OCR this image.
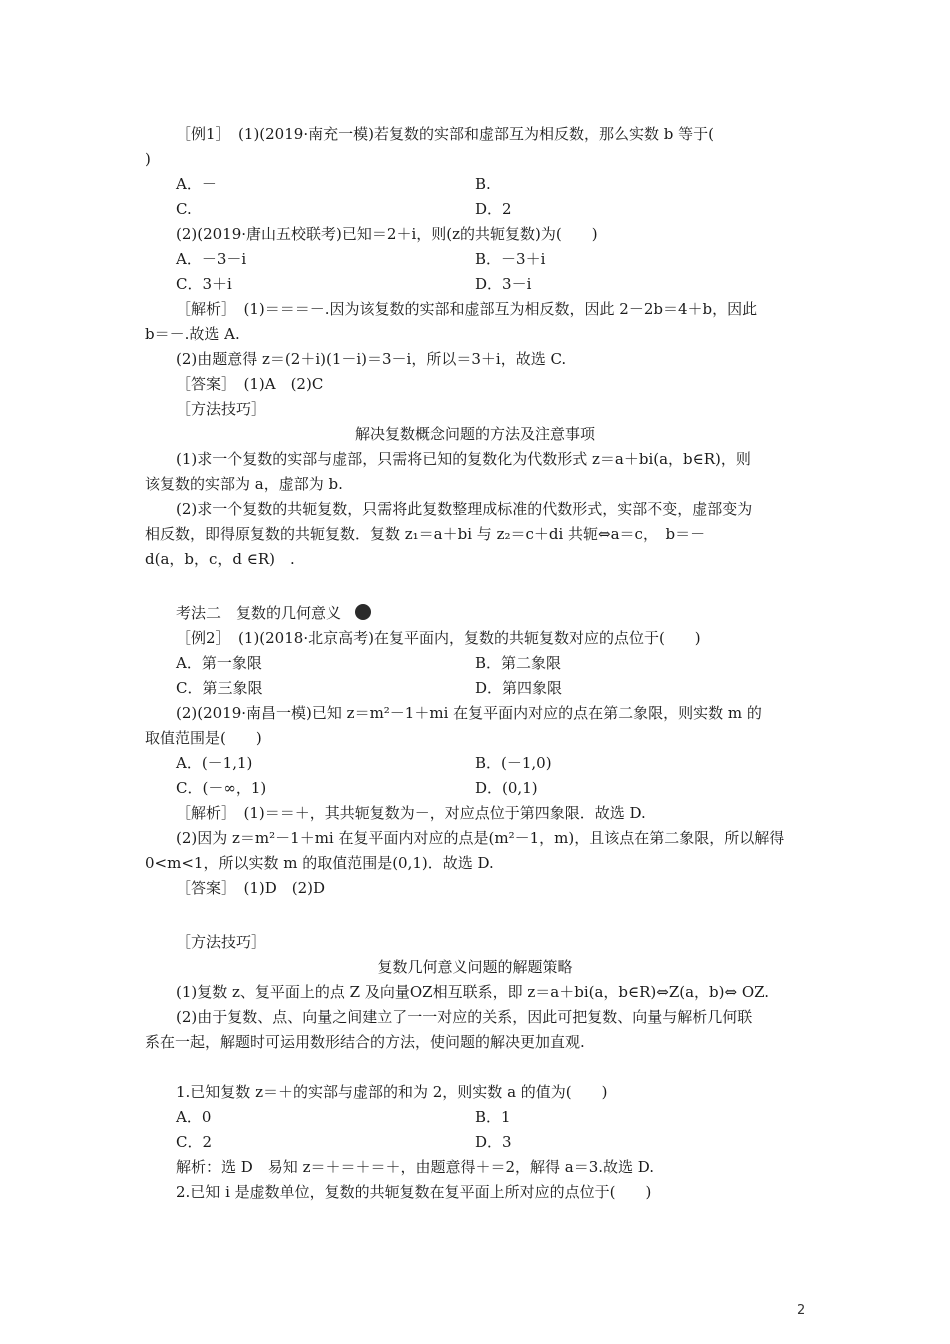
［例1］　(1)(2019·南充一模)若复数的实部和虚部互为相反数，那么实数 b 等于(
)
A．－	B.
C.	D．2
(2)(2019·唐山五校联考)已知＝2＋i，则(z的共轭复数)为(　　)
A．－3－i	B．－3＋i
C．3＋i	D．3－i
［解析］　(1)＝＝＝－.因为该复数的实部和虚部互为相反数，因此 2－2b＝4＋b，因此
b＝－.故选 A.
(2)由题意得 z＝(2＋i)(1－i)＝3－i，所以＝3＋i，故选 C.
［答案］　(1)A　(2)C
［方法技巧］
解决复数概念问题的方法及注意事项
(1)求一个复数的实部与虚部，只需将已知的复数化为代数形式 z＝a＋bi(a，b∈R)，则
该复数的实部为 a，虚部为 b.
(2)求一个复数的共轭复数，只需将此复数整理成标准的代数形式，实部不变，虚部变为
相反数，即得原复数的共轭复数．复数 z₁＝a＋bi 与 z₂＝c＋di 共轭⇔a＝c，　b＝－
d(a，b，c，d ∈R)　.
考法二　复数的几何意义
［例2］　(1)(2018·北京高考)在复平面内，复数的共轭复数对应的点位于(　　)
A．第一象限	B．第二象限
C．第三象限	D．第四象限
(2)(2019·南昌一模)已知 z＝m²－1＋mi 在复平面内对应的点在第二象限，则实数 m 的
取值范围是(　　)
A．(－1,1)	B．(－1,0)
C．(－∞，1)	D．(0,1)
［解析］　(1)＝＝＋，其共轭复数为－，对应点位于第四象限．故选 D.
(2)因为 z＝m²－1＋mi 在复平面内对应的点是(m²－1，m)，且该点在第二象限，所以解得
0<m<1，所以实数 m 的取值范围是(0,1)．故选 D.
［答案］　(1)D　(2)D
［方法技巧］
复数几何意义问题的解题策略
(1)复数 z、复平面上的点 Z 及向量OZ相互联系，即 z＝a＋bi(a，b∈R)⇔Z(a，b)⇔ OZ.
(2)由于复数、点、向量之间建立了一一对应的关系，因此可把复数、向量与解析几何联
系在一起，解题时可运用数形结合的方法，使问题的解决更加直观.
1.已知复数 z＝＋的实部与虚部的和为 2，则实数 a 的值为(　　)
A．0	B．1
C．2	D．3
解析：选 D　易知 z＝＋＝＋＝＋，由题意得＋＝2，解得 a＝3.故选 D.
2.已知 i 是虚数单位，复数的共轭复数在复平面上所对应的点位于(　　)
2
